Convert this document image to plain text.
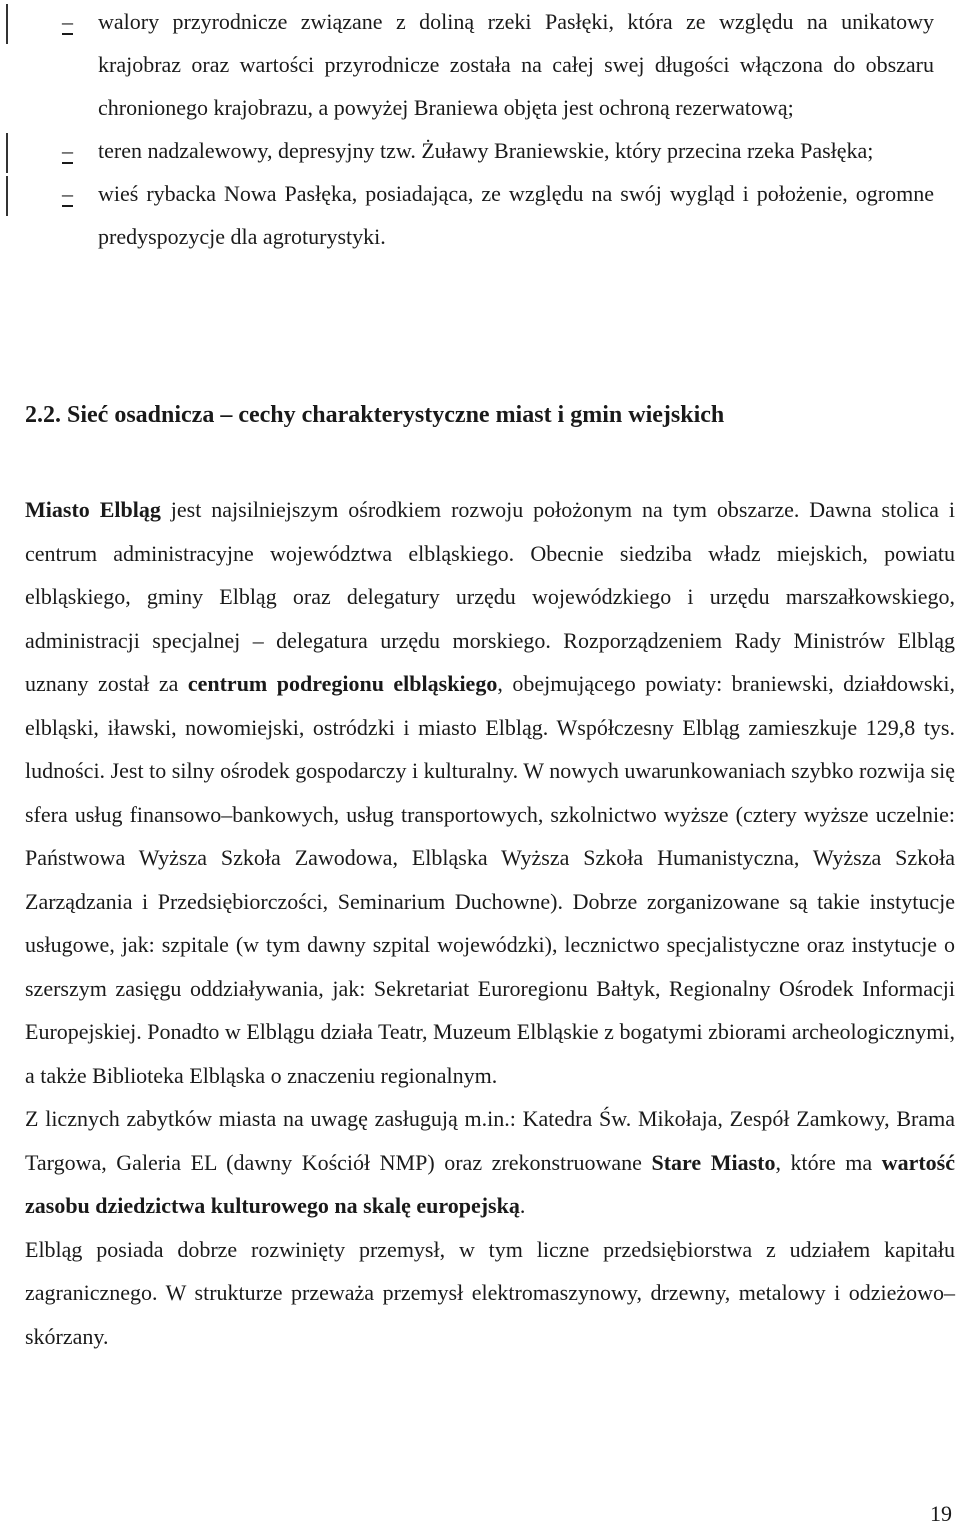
–	walory przyrodnicze związane z doliną rzeki Pasłęki, która ze względu na unikatowy krajobraz oraz wartości przyrodnicze została na całej swej długości włączona do obszaru chronionego krajobrazu, a powyżej Braniewa objęta jest ochroną rezerwatową;
–	teren nadzalewowy, depresyjny tzw. Żuławy Braniewskie, który przecina rzeka Pasłęka;
–	wieś rybacka Nowa Pasłęka, posiadająca, ze względu na swój wygląd i położenie, ogromne predyspozycje dla agroturystyki.
2.2. Sieć osadnicza – cechy charakterystyczne miast i gmin wiejskich

Miasto Elbląg jest najsilniejszym ośrodkiem rozwoju położonym na tym obszarze. Dawna stolica i centrum administracyjne województwa elbląskiego. Obecnie siedziba władz miejskich, powiatu elbląskiego, gminy Elbląg oraz delegatury urzędu wojewódzkiego i urzędu marszałkowskiego, administracji specjalnej – delegatura urzędu morskiego. Rozporządzeniem Rady Ministrów Elbląg uznany został za centrum podregionu elbląskiego, obejmującego powiaty: braniewski, działdowski, elbląski, iławski, nowomiejski, ostródzki i miasto Elbląg. Współczesny Elbląg zamieszkuje 129,8 tys. ludności. Jest to silny ośrodek gospodarczy i kulturalny. W nowych uwarunkowaniach szybko rozwija się sfera usług finansowo–bankowych, usług transportowych, szkolnictwo wyższe (cztery wyższe uczelnie: Państwowa Wyższa Szkoła Zawodowa, Elbląska Wyższa Szkoła Humanistyczna, Wyższa Szkoła Zarządzania i Przedsiębiorczości, Seminarium Duchowne). Dobrze zorganizowane są takie instytucje usługowe, jak: szpitale (w tym dawny szpital wojewódzki), lecznictwo specjalistyczne oraz instytucje o szerszym zasięgu oddziaływania, jak: Sekretariat Euroregionu Bałtyk, Regionalny Ośrodek Informacji Europejskiej. Ponadto w Elblągu działa Teatr, Muzeum Elbląskie z bogatymi zbiorami archeologicznymi, a także Biblioteka Elbląska o znaczeniu regionalnym.

Z licznych zabytków miasta na uwagę zasługują m.in.: Katedra Św. Mikołaja, Zespół Zamkowy, Brama Targowa, Galeria EL (dawny Kościół NMP) oraz zrekonstruowane Stare Miasto, które ma wartość zasobu dziedzictwa kulturowego na skalę europejską.

Elbląg posiada dobrze rozwinięty przemysł, w tym liczne przedsiębiorstwa z udziałem kapitału zagranicznego. W strukturze przeważa przemysł elektromaszynowy, drzewny, metalowy i odzieżowo–skórzany.

19
